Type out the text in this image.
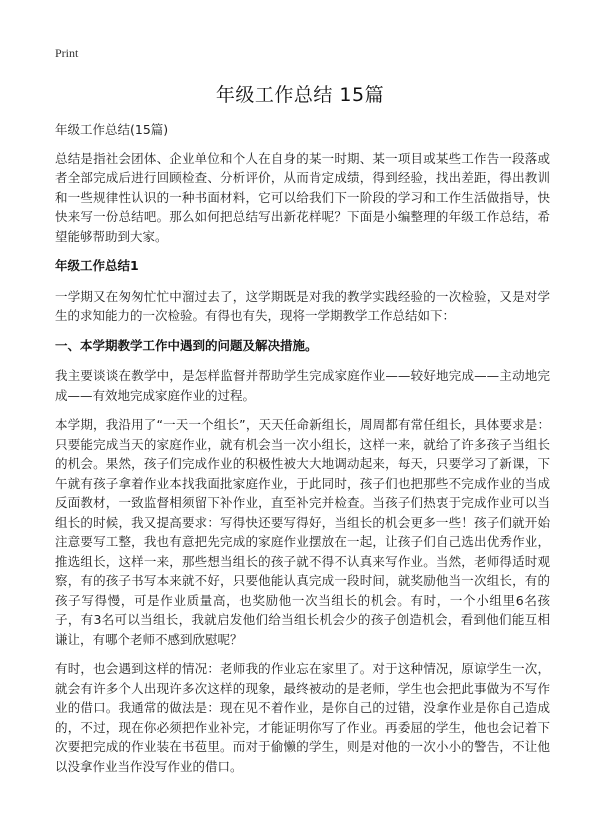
Print
年级工作总结 15篇

年级工作总结(15篇)

总结是指社会团体、企业单位和个人在自身的某一时期、某一项目或某些工作告一段落或者全部完成后进行回顾检查、分析评价，从而肯定成绩，得到经验，找出差距，得出教训和一些规律性认识的一种书面材料，它可以给我们下一阶段的学习和工作生活做指导，快快来写一份总结吧。那么如何把总结写出新花样呢？下面是小编整理的年级工作总结，希望能够帮助到大家。

年级工作总结1

一学期又在匆匆忙忙中溜过去了，这学期既是对我的教学实践经验的一次检验，又是对学生的求知能力的一次检验。有得也有失，现将一学期教学工作总结如下：

一、本学期教学工作中遇到的问题及解决措施。

我主要谈谈在教学中，是怎样监督并帮助学生完成家庭作业——较好地完成——主动地完成——有效地完成家庭作业的过程。

本学期，我沿用了“一天一个组长”，天天任命新组长，周周都有常任组长，具体要求是：只要能完成当天的家庭作业，就有机会当一次小组长，这样一来，就给了许多孩子当组长的机会。果然，孩子们完成作业的积极性被大大地调动起来，每天，只要学习了新课，下午就有孩子拿着作业本找我面批家庭作业，于此同时，孩子们也把那些不完成作业的当成反面教材，一致监督相须留下补作业，直至补完并检查。当孩子们热衷于完成作业可以当组长的时候，我又提高要求：写得快还要写得好，当组长的机会更多一些！孩子们就开始注意要写工整，我也有意把先完成的家庭作业摆放在一起，让孩子们自己选出优秀作业，推选组长，这样一来，那些想当组长的孩子就不得不认真来写作业。当然，老师得适时观察，有的孩子书写本来就不好，只要他能认真完成一段时间，就奖励他当一次组长，有的孩子写得慢，可是作业质量高，也奖励他一次当组长的机会。有时，一个小组里6名孩子，有3名可以当组长，我就启发他们给当组长机会少的孩子创造机会，看到他们能互相谦让，有哪个老师不感到欣慰呢？

有时，也会遇到这样的情况：老师我的作业忘在家里了。对于这种情况，原谅学生一次，就会有许多个人出现许多次这样的现象，最终被动的是老师，学生也会把此事做为不写作业的借口。我通常的做法是：现在见不着作业，是你自己的过错，没拿作业是你自己造成的，不过，现在你必须把作业补完，才能证明你写了作业。再委屈的学生，他也会记着下次要把完成的作业装在书苞里。而对于偷懒的学生，则是对他的一次小小的警告，不让他以没拿作业当作没写作业的借口。
